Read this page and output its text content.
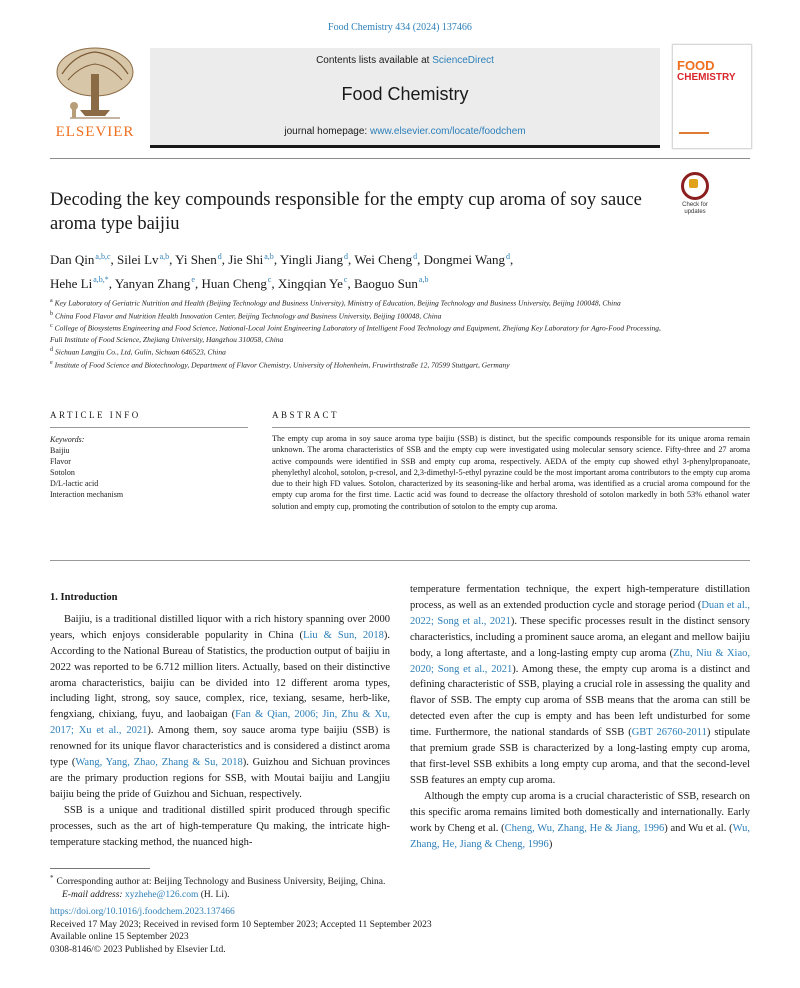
Food Chemistry 434 (2024) 137466
ELSEVIER
Contents lists available at ScienceDirect
Food Chemistry
journal homepage: www.elsevier.com/locate/foodchem
FOOD
CHEMISTRY
Decoding the key compounds responsible for the empty cup aroma of soy sauce aroma type baijiu
Check for
updates
Dan Qin$^{a,b,c}$, Silei Lv$^{a,b}$, Yi Shen$^d$, Jie Shi$^{a,b}$, Yingli Jiang$^d$, Wei Cheng$^d$, Dongmei Wang$^d$,
Hehe $Li^{a,b,*}$, Yanyan Zhang$^e$, Huan Cheng$^c$, Xingqian Ye$^c$, Baoguo Sun$^{a,b}$
$^a$ Key Laboratory of Geriatric Nutrition and Health (Beijing Technology and Business University), Ministry of Education, Beijing Technology and Business University, Beijing 100048, China
$^b$ China Food Flavor and Nutrition Health Innovation Center, Beijing Technology and Business University, Beijing 100048, China
$^c$ College of Biosystems Engineering and Food Science, National-Local Joint Engineering Laboratory of Intelligent Food Technology and Equipment, Zhejiang Key Laboratory for Agro-Food Processing, Fuli Institute of Food Science, Zhejiang University, Hangzhou 310058, China
$^d$ Sichuan Langjiu Co., Ltd, Gulin, Sichuan 646523, China
$^e$ Institute of Food Science and Biotechnology, Department of Flavor Chemistry, University of Hohenheim, Fruwirthstraße 12, 70599 Stuttgart, Germany
ARTICLE INFO
Keywords:
Baijiu
Flavor
Sotolon
D/L-lactic acid
Interaction mechanism
ABSTRACT
The empty cup aroma in soy sauce aroma type baijiu (SSB) is distinct, but the specific compounds responsible for its unique aroma remain unknown. The aroma characteristics of SSB and the empty cup were investigated using molecular sensory science. Fifty-three and 27 aroma active compounds were identified in SSB and empty cup aroma, respectively. AEDA of the empty cup showed ethyl 3-phenylpropanoate, phenylethyl alcohol, sotolon, p-cresol, and 2,3-dimethyl-5-ethyl pyrazine could be the most important aroma contributors to the empty cup aroma due to their high FD values. Sotolon, characterized by its seasoning-like and herbal aroma, was identified as a crucial aroma compound for the empty cup aroma for the first time. Lactic acid was found to decrease the olfactory threshold of sotolon markedly in both 53% ethanol water solution and empty cup, promoting the contribution of sotolon to the empty cup aroma.

1. Introduction

Baijiu, is a traditional distilled liquor with a rich history spanning over 2000 years, which enjoys considerable popularity in China (Liu & Sun, 2018). According to the National Bureau of Statistics, the production output of baijiu in 2022 was reported to be 6.712 million liters. Actually, based on their distinctive aroma characteristics, baijiu can be divided into 12 different aroma types, including light, strong, soy sauce, complex, rice, texiang, sesame, herb-like, fengxiang, chixiang, fuyu, and laobaigan (Fan & Qian, 2006; Jin, Zhu & Xu, 2017; Xu et al., 2021). Among them, soy sauce aroma type baijiu (SSB) is renowned for its unique flavor characteristics and is considered a distinct aroma type (Wang, Yang, Zhao, Zhang & Su, 2018). Guizhou and Sichuan provinces are the primary production regions for SSB, with Moutai baijiu and Langjiu baijiu being the pride of Guizhou and Sichuan, respectively.

SSB is a unique and traditional distilled spirit produced through specific processes, such as the art of high-temperature Qu making, the intricate high-temperature stacking method, the nuanced high-

temperature fermentation technique, the expert high-temperature distillation process, as well as an extended production cycle and storage period (Duan et al., 2022; Song et al., 2021). These specific processes result in the distinct sensory characteristics, including a prominent sauce aroma, an elegant and mellow baijiu body, a long aftertaste, and a long-lasting empty cup aroma (Zhu, Niu & Xiao, 2020; Song et al., 2021). Among these, the empty cup aroma is a distinct and defining characteristic of SSB, playing a crucial role in assessing the quality and flavor of SSB. The empty cup aroma of SSB means that the aroma can still be detected even after the cup is empty and has been left undisturbed for some time. Furthermore, the national standards of SSB (GBT 26760-2011) stipulate that premium grade SSB is characterized by a long-lasting empty cup aroma, that first-level SSB exhibits a long empty cup aroma, and that the second-level SSB features an empty cup aroma.

Although the empty cup aroma is a crucial characteristic of SSB, research on this specific aroma remains limited both domestically and internationally. Early work by Cheng et al. (Cheng, Wu, Zhang, He & Jiang, 1996) and Wu et al. (Wu, Zhang, He, Jiang & Cheng, 1996)

* Corresponding author at: Beijing Technology and Business University, Beijing, China.
E-mail address: xyzhehe@126.com (H. Li).
https://doi.org/10.1016/j.foodchem.2023.137466
Received 17 May 2023; Received in revised form 10 September 2023; Accepted 11 September 2023
Available online 15 September 2023
0308-8146/© 2023 Published by Elsevier Ltd.
